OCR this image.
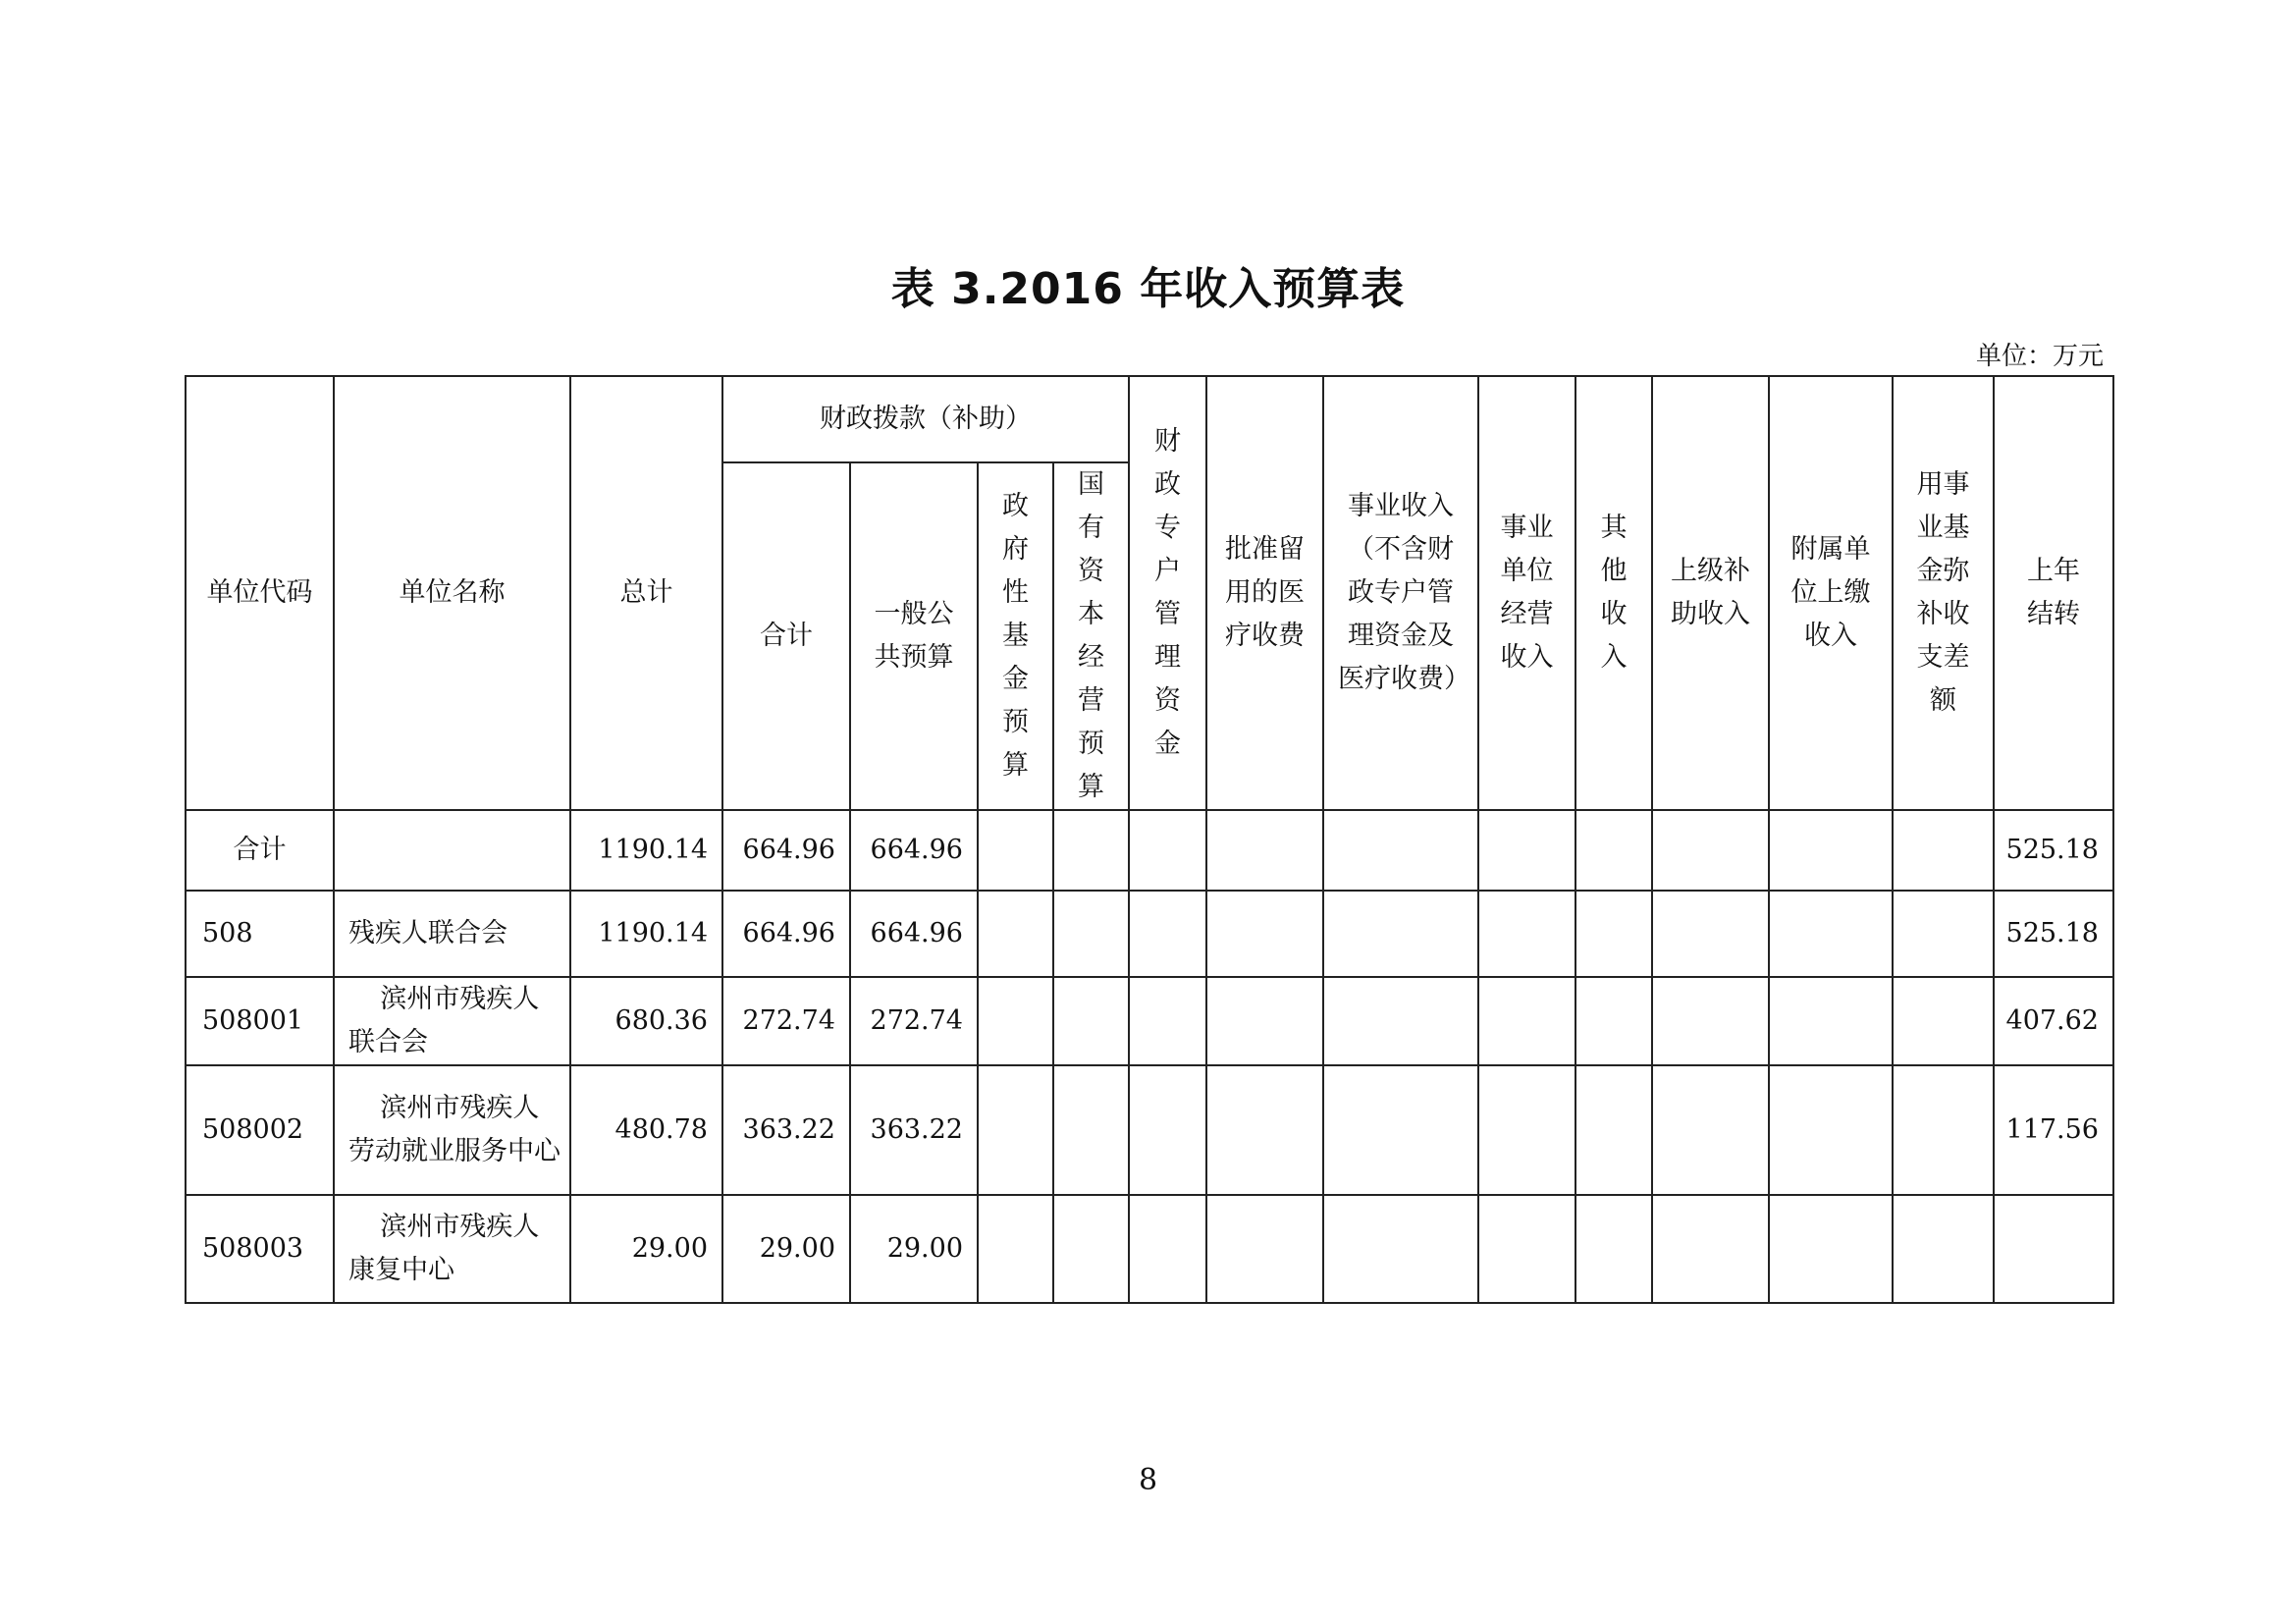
表 3.2016 年收入预算表
单位：万元
单位代码	单位名称	总计	财政拨款（补助）				财政专户管理资金	批准留用的医疗收费	事业收入（不含财政专户管理资金及医疗收费）	事业单位经营收入	其他收入	上级补助收入	附属单位上缴收入	用事业基金弥补收支差额	上年结转

			合计	一般公共预算	政府性基金预算	国有资本经营预算									

合计		1190.14	664.96	664.96											525.18
508	残疾人联合会	1190.14	664.96	664.96											525.18
508001	滨州市残疾人联合会	680.36	272.74	272.74											407.62
508002	滨州市残疾人劳动就业服务中心	480.78	363.22	363.22											117.56
508003	滨州市残疾人康复中心	29.00	29.00	29.00											
8
